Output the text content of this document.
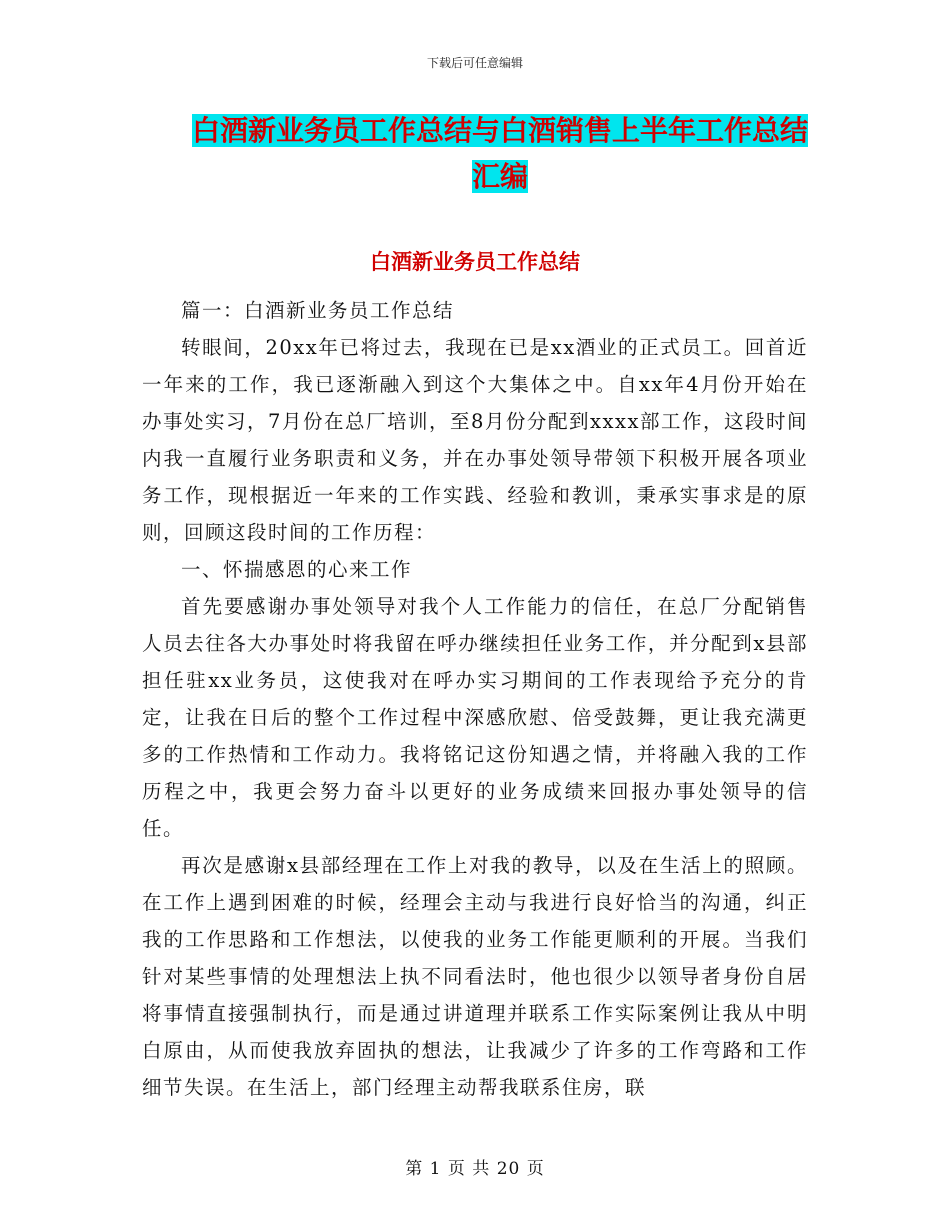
下载后可任意编辑
白酒新业务员工作总结与白酒销售上半年工作总结汇编
白酒新业务员工作总结

篇一：白酒新业务员工作总结

转眼间，20xx年已将过去，我现在已是xx酒业的正式员工。回首近一年来的工作，我已逐渐融入到这个大集体之中。自xx年4月份开始在办事处实习，7月份在总厂培训，至8月份分配到xxxx部工作，这段时间内我一直履行业务职责和义务，并在办事处领导带领下积极开展各项业务工作，现根据近一年来的工作实践、经验和教训，秉承实事求是的原则，回顾这段时间的工作历程：

一、怀揣感恩的心来工作

首先要感谢办事处领导对我个人工作能力的信任，在总厂分配销售人员去往各大办事处时将我留在呼办继续担任业务工作，并分配到x县部担任驻xx业务员，这使我对在呼办实习期间的工作表现给予充分的肯定，让我在日后的整个工作过程中深感欣慰、倍受鼓舞，更让我充满更多的工作热情和工作动力。我将铭记这份知遇之情，并将融入我的工作历程之中，我更会努力奋斗以更好的业务成绩来回报办事处领导的信任。

再次是感谢x县部经理在工作上对我的教导，以及在生活上的照顾。在工作上遇到困难的时候，经理会主动与我进行良好恰当的沟通，纠正我的工作思路和工作想法，以使我的业务工作能更顺利的开展。当我们针对某些事情的处理想法上执不同看法时，他也很少以领导者身份自居将事情直接强制执行，而是通过讲道理并联系工作实际案例让我从中明白原由，从而使我放弃固执的想法，让我减少了许多的工作弯路和工作细节失误。在生活上，部门经理主动帮我联系住房，联

第 1 页 共 20 页
